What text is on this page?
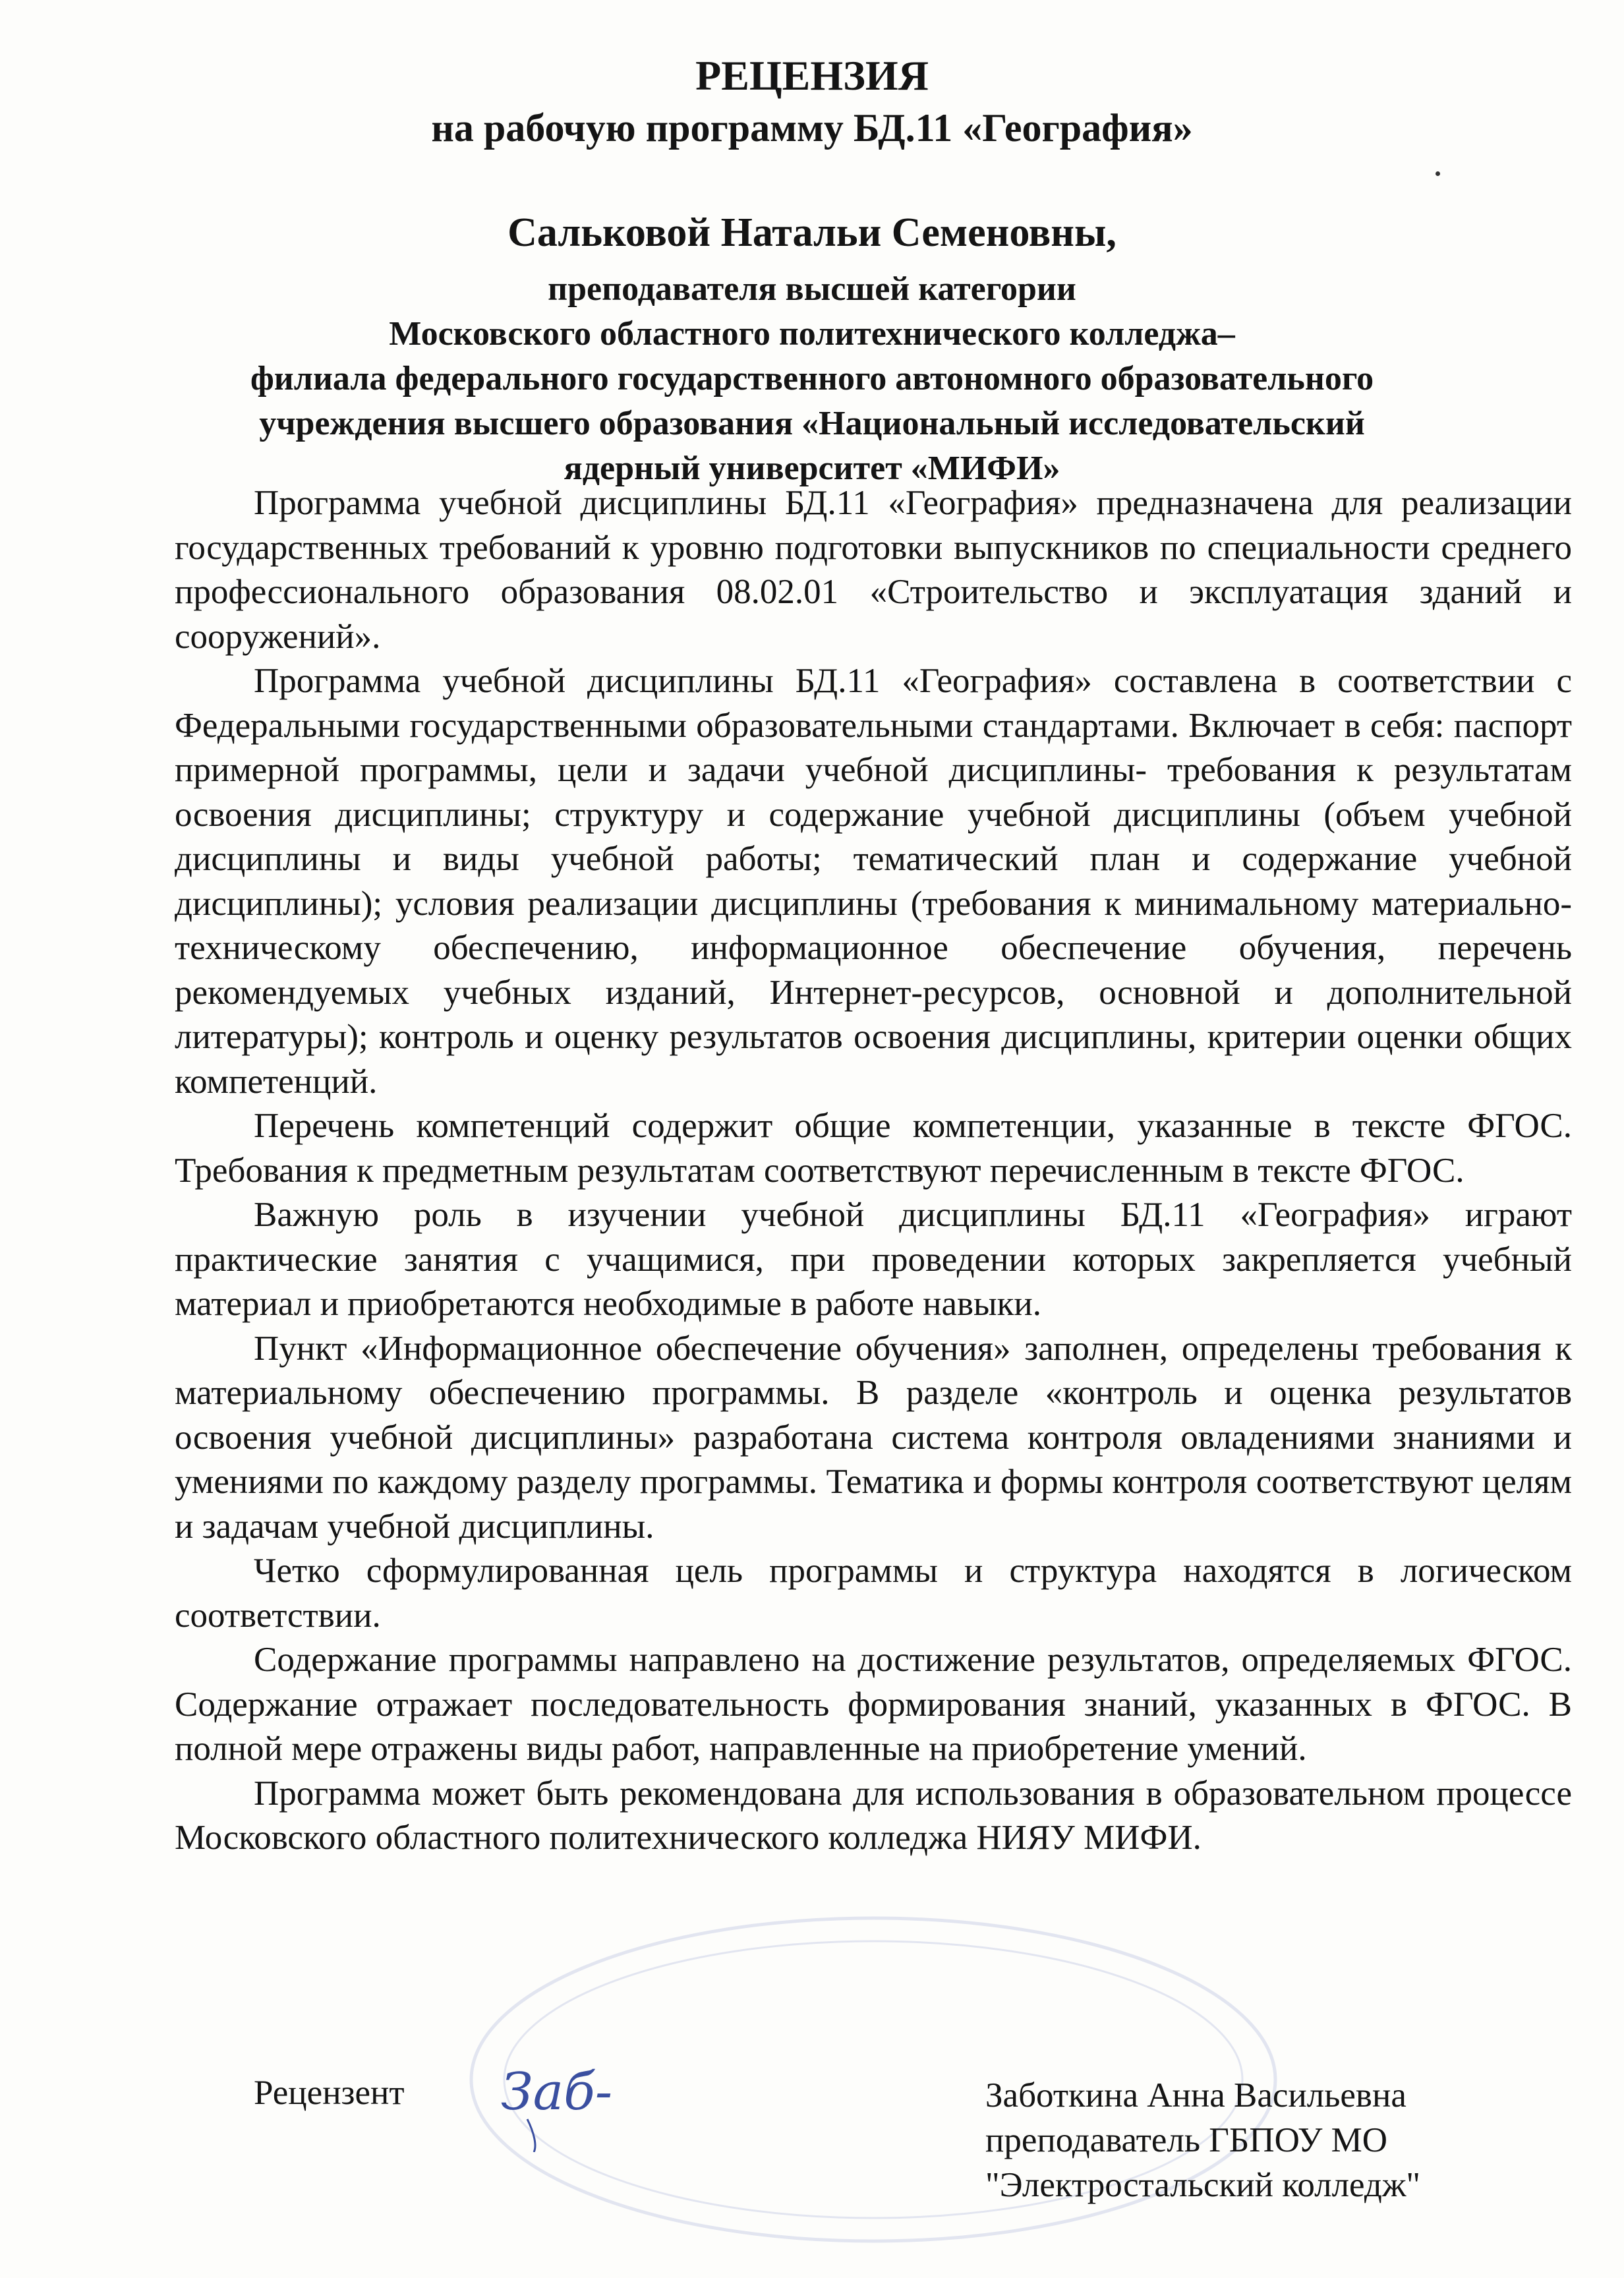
РЕЦЕНЗИЯ
на рабочую программу БД.11 «География»
Сальковой Натальи Семеновны,
преподавателя высшей категории
Московского областного политехнического колледжа–
филиала федерального государственного автономного образовательного
учреждения высшего образования «Национальный исследовательский
ядерный университет «МИФИ»

Программа учебной дисциплины БД.11 «География» предназначена для реализации государственных требований к уровню подготовки выпускников по специальности среднего профессионального образования 08.02.01 «Строительство и эксплуатация зданий и сооружений».

Программа учебной дисциплины БД.11 «География» составлена в соответствии с Федеральными государственными образовательными стандартами. Включает в себя: паспорт примерной программы, цели и задачи учебной дисциплины- требования к результатам освоения дисциплины; структуру и содержание учебной дисциплины (объем учебной дисциплины и виды учебной работы; тематический план и содержание учебной дисциплины); условия реализации дисциплины (требования к минимальному материально-техническому обеспечению, информационное обеспечение обучения, перечень рекомендуемых учебных изданий, Интернет-ресурсов, основной и дополнительной литературы); контроль и оценку результатов освоения дисциплины, критерии оценки общих компетенций.

Перечень компетенций содержит общие компетенции, указанные в тексте ФГОС. Требования к предметным результатам соответствуют перечисленным в тексте ФГОС.

Важную роль в изучении учебной дисциплины БД.11 «География» играют практические занятия с учащимися, при проведении которых закрепляется учебный материал и приобретаются необходимые в работе навыки.

Пункт «Информационное обеспечение обучения» заполнен, определены требования к материальному обеспечению программы. В разделе «контроль и оценка результатов освоения учебной дисциплины» разработана система контроля овладениями знаниями и умениями по каждому разделу программы. Тематика и формы контроля соответствуют целям и задачам учебной дисциплины.

Четко сформулированная цель программы и структура находятся в логическом соответствии.

Содержание программы направлено на достижение результатов, определяемых ФГОС. Содержание отражает последовательность формирования знаний, указанных в ФГОС. В полной мере отражены виды работ, направленные на приобретение умений.

Программа может быть рекомендована для использования в образовательном процессе Московского областного политехнического колледжа НИЯУ МИФИ.

Рецензент Заб-	Заботкина Анна Васильевна
преподаватель ГБПОУ МО
"Электростальский колледж"
